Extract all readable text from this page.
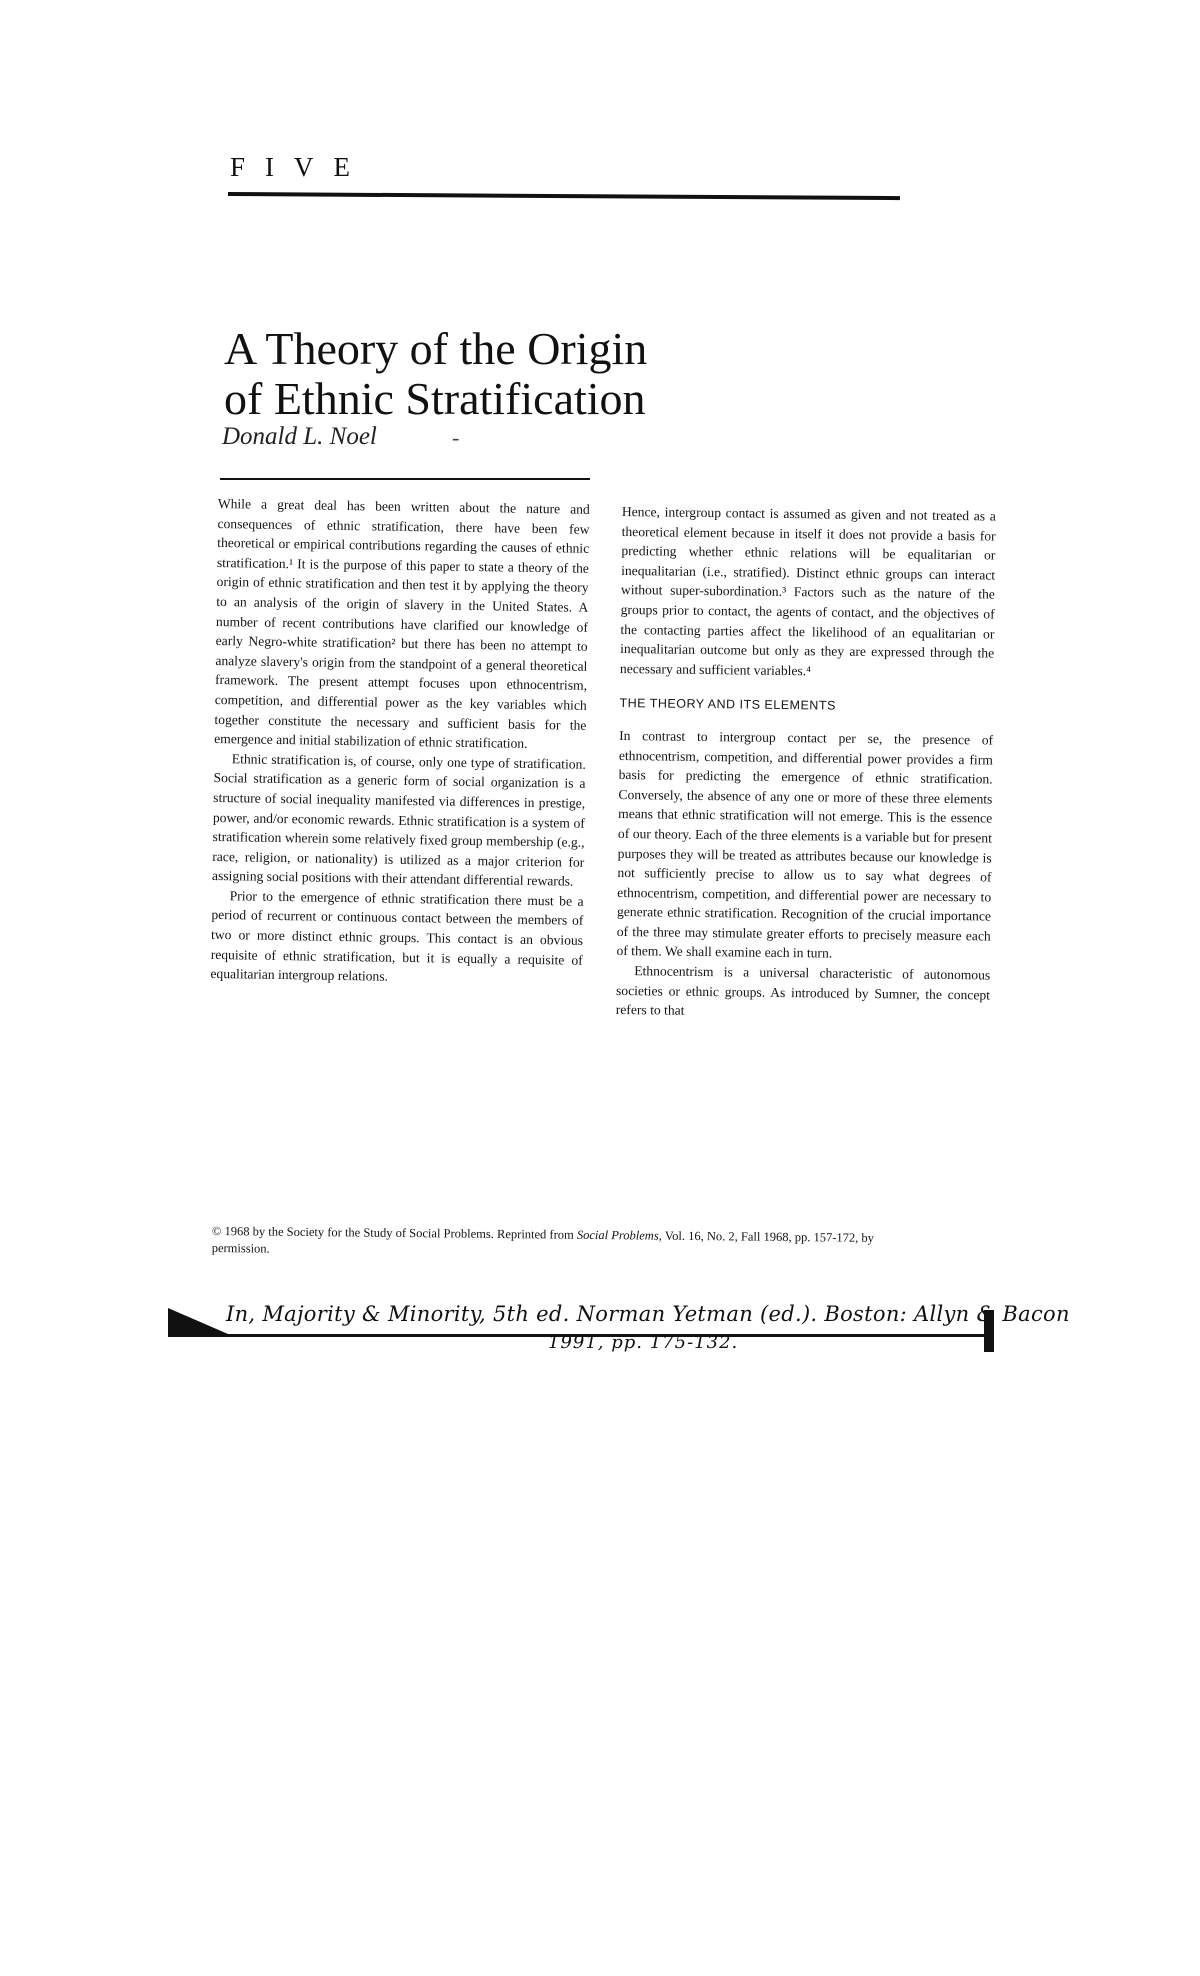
FIVE
A Theory of the Origin
of Ethnic Stratification
Donald L. Noel	-

While a great deal has been written about the nature and consequences of ethnic stratification, there have been few theoretical or empirical contributions regarding the causes of ethnic stratification.¹ It is the purpose of this paper to state a theory of the origin of ethnic stratification and then test it by applying the theory to an analysis of the origin of slavery in the United States. A number of recent contributions have clarified our knowledge of early Negro-white stratification² but there has been no attempt to analyze slavery's origin from the standpoint of a general theoretical framework. The present attempt focuses upon ethnocentrism, competition, and differential power as the key variables which together constitute the necessary and sufficient basis for the emergence and initial stabilization of ethnic stratification.

Ethnic stratification is, of course, only one type of stratification. Social stratification as a generic form of social organization is a structure of social inequality manifested via differences in prestige, power, and/or economic rewards. Ethnic stratification is a system of stratification wherein some relatively fixed group membership (e.g., race, religion, or nationality) is utilized as a major criterion for assigning social positions with their attendant differential rewards.

Prior to the emergence of ethnic stratification there must be a period of recurrent or continuous contact between the members of two or more distinct ethnic groups. This contact is an obvious requisite of ethnic stratification, but it is equally a requisite of equalitarian intergroup relations.

Hence, intergroup contact is assumed as given and not treated as a theoretical element because in itself it does not provide a basis for predicting whether ethnic relations will be equalitarian or inequalitarian (i.e., stratified). Distinct ethnic groups can interact without super-subordination.³ Factors such as the nature of the groups prior to contact, the agents of contact, and the objectives of the contacting parties affect the likelihood of an equalitarian or inequalitarian outcome but only as they are expressed through the necessary and sufficient variables.⁴

THE THEORY AND ITS ELEMENTS

In contrast to intergroup contact per se, the presence of ethnocentrism, competition, and differential power provides a firm basis for predicting the emergence of ethnic stratification. Conversely, the absence of any one or more of these three elements means that ethnic stratification will not emerge. This is the essence of our theory. Each of the three elements is a variable but for present purposes they will be treated as attributes because our knowledge is not sufficiently precise to allow us to say what degrees of ethnocentrism, competition, and differential power are necessary to generate ethnic stratification. Recognition of the crucial importance of the three may stimulate greater efforts to precisely measure each of them. We shall examine each in turn.

Ethnocentrism is a universal characteristic of autonomous societies or ethnic groups. As introduced by Sumner, the concept refers to that

© 1968 by the Society for the Study of Social Problems. Reprinted from Social Problems, Vol. 16, No. 2, Fall 1968, pp. 157-172, by permission.
In, Majority & Minority, 5th ed. Norman Yetman (ed.). Boston: Allyn & Bacon
1991, pp. 175-132.
